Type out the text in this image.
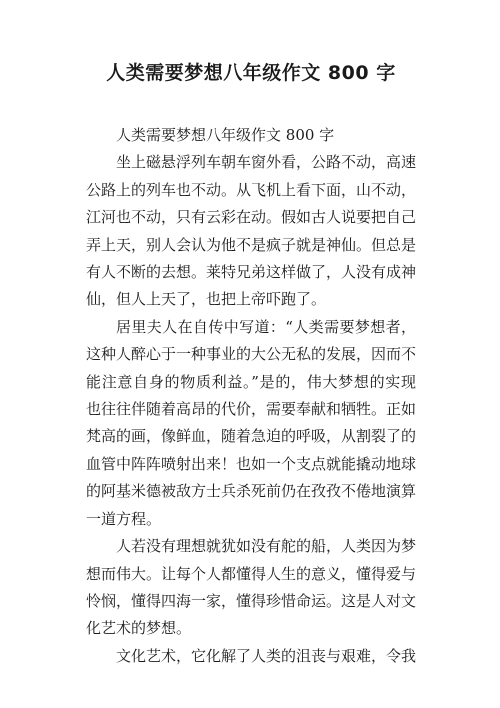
人类需要梦想八年级作文 800 字

人类需要梦想八年级作文 800 字

坐上磁悬浮列车朝车窗外看，公路不动，高速公路上的列车也不动。从飞机上看下面，山不动，江河也不动，只有云彩在动。假如古人说要把自己弄上天，别人会认为他不是疯子就是神仙。但总是有人不断的去想。莱特兄弟这样做了，人没有成神仙，但人上天了，也把上帝吓跑了。

居里夫人在自传中写道：“人类需要梦想者，这种人醉心于一种事业的大公无私的发展，因而不能注意自身的物质利益。”是的，伟大梦想的实现也往往伴随着高昂的代价，需要奉献和牺牲。正如梵高的画，像鲜血，随着急迫的呼吸，从割裂了的血管中阵阵喷射出来！也如一个支点就能撬动地球的阿基米德被敌方士兵杀死前仍在孜孜不倦地演算一道方程。

人若没有理想就犹如没有舵的船，人类因为梦想而伟大。让每个人都懂得人生的意义，懂得爱与怜悯，懂得四海一家，懂得珍惜命运。这是人对文化艺术的梦想。

文化艺术，它化解了人类的沮丧与艰难，令我
